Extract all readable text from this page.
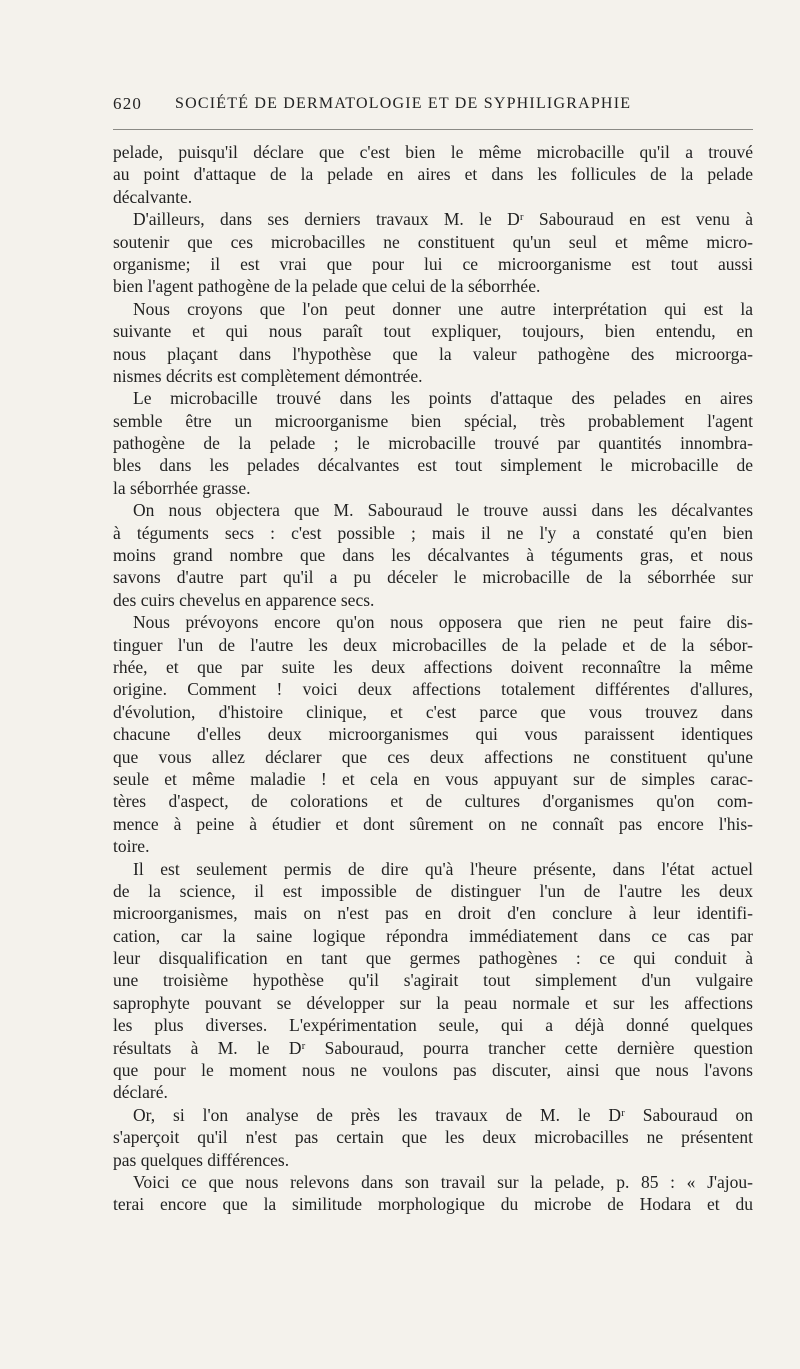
620 SOCIÉTÉ DE DERMATOLOGIE ET DE SYPHILIGRAPHIE
pelade, puisqu'il déclare que c'est bien le même microbacille qu'il a trouvé
au point d'attaque de la pelade en aires et dans les follicules de la pelade
décalvante.
D'ailleurs, dans ses derniers travaux M. le Dʳ Sabouraud en est venu à
soutenir que ces microbacilles ne constituent qu'un seul et même micro-
organisme; il est vrai que pour lui ce microorganisme est tout aussi
bien l'agent pathogène de la pelade que celui de la séborrhée.
Nous croyons que l'on peut donner une autre interprétation qui est la
suivante et qui nous paraît tout expliquer, toujours, bien entendu, en
nous plaçant dans l'hypothèse que la valeur pathogène des microorga-
nismes décrits est complètement démontrée.
Le microbacille trouvé dans les points d'attaque des pelades en aires
semble être un microorganisme bien spécial, très probablement l'agent
pathogène de la pelade ; le microbacille trouvé par quantités innombra-
bles dans les pelades décalvantes est tout simplement le microbacille de
la séborrhée grasse.
On nous objectera que M. Sabouraud le trouve aussi dans les décalvantes
à téguments secs : c'est possible ; mais il ne l'y a constaté qu'en bien
moins grand nombre que dans les décalvantes à téguments gras, et nous
savons d'autre part qu'il a pu déceler le microbacille de la séborrhée sur
des cuirs chevelus en apparence secs.
Nous prévoyons encore qu'on nous opposera que rien ne peut faire dis-
tinguer l'un de l'autre les deux microbacilles de la pelade et de la sébor-
rhée, et que par suite les deux affections doivent reconnaître la même
origine. Comment ! voici deux affections totalement différentes d'allures,
d'évolution, d'histoire clinique, et c'est parce que vous trouvez dans
chacune d'elles deux microorganismes qui vous paraissent identiques
que vous allez déclarer que ces deux affections ne constituent qu'une
seule et même maladie ! et cela en vous appuyant sur de simples carac-
tères d'aspect, de colorations et de cultures d'organismes qu'on com-
mence à peine à étudier et dont sûrement on ne connaît pas encore l'his-
toire.
Il est seulement permis de dire qu'à l'heure présente, dans l'état actuel
de la science, il est impossible de distinguer l'un de l'autre les deux
microorganismes, mais on n'est pas en droit d'en conclure à leur identifi-
cation, car la saine logique répondra immédiatement dans ce cas par
leur disqualification en tant que germes pathogènes : ce qui conduit à
une troisième hypothèse qu'il s'agirait tout simplement d'un vulgaire
saprophyte pouvant se développer sur la peau normale et sur les affections
les plus diverses. L'expérimentation seule, qui a déjà donné quelques
résultats à M. le Dʳ Sabouraud, pourra trancher cette dernière question
que pour le moment nous ne voulons pas discuter, ainsi que nous l'avons
déclaré.
Or, si l'on analyse de près les travaux de M. le Dʳ Sabouraud on
s'aperçoit qu'il n'est pas certain que les deux microbacilles ne présentent
pas quelques différences.
Voici ce que nous relevons dans son travail sur la pelade, p. 85 : « J'ajou-
terai encore que la similitude morphologique du microbe de Hodara et du
